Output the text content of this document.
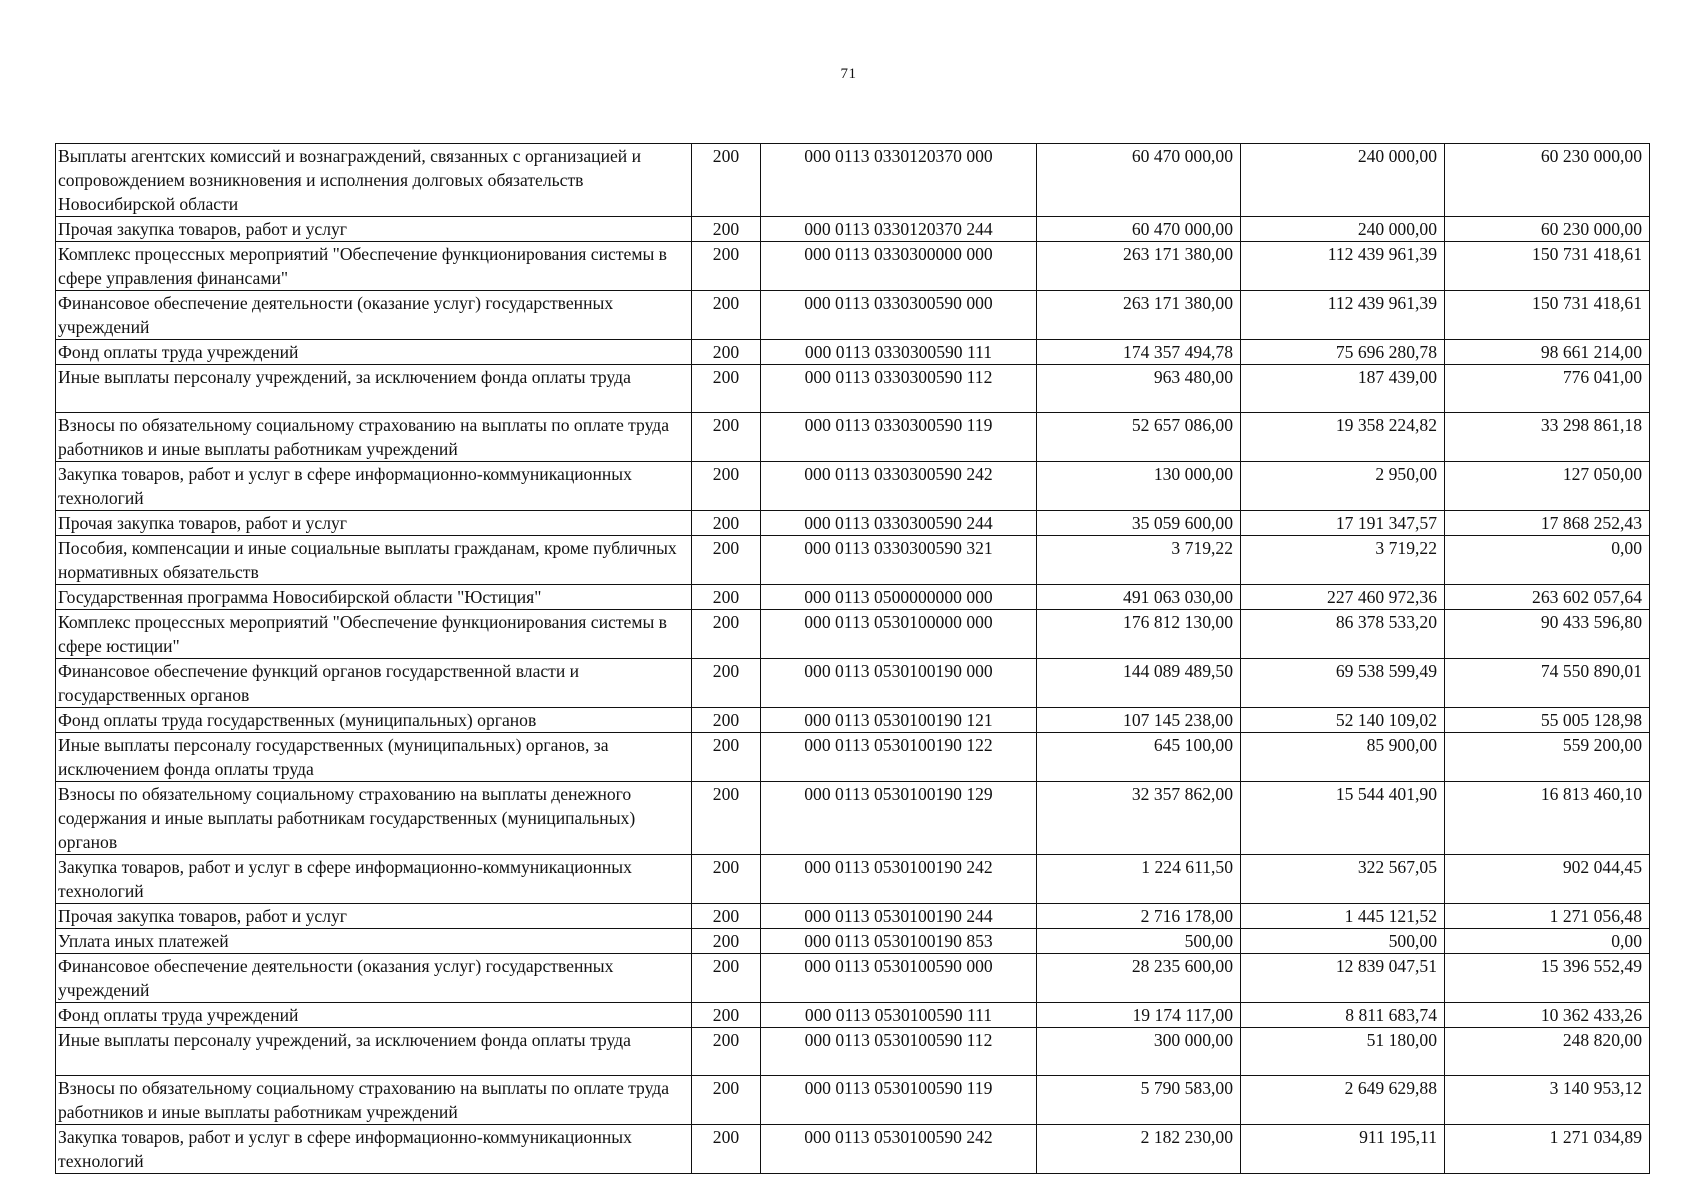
71
Выплаты агентских комиссий и вознаграждений, связанных с организацией и сопровождением возникновения и исполнения долговых обязательств Новосибирской области	200	000 0113 0330120370 000	60 470 000,00	240 000,00	60 230 000,00
Прочая закупка товаров, работ и услуг	200	000 0113 0330120370 244	60 470 000,00	240 000,00	60 230 000,00
Комплекс процессных мероприятий "Обеспечение функционирования системы в сфере управления финансами"	200	000 0113 0330300000 000	263 171 380,00	112 439 961,39	150 731 418,61
Финансовое обеспечение деятельности (оказание услуг) государственных учреждений	200	000 0113 0330300590 000	263 171 380,00	112 439 961,39	150 731 418,61
Фонд оплаты труда учреждений	200	000 0113 0330300590 111	174 357 494,78	75 696 280,78	98 661 214,00
Иные выплаты персоналу учреждений, за исключением фонда оплаты труда	200	000 0113 0330300590 112	963 480,00	187 439,00	776 041,00
Взносы по обязательному социальному страхованию на выплаты по оплате труда работников и иные выплаты работникам учреждений	200	000 0113 0330300590 119	52 657 086,00	19 358 224,82	33 298 861,18
Закупка товаров, работ и услуг в сфере информационно-коммуникационных технологий	200	000 0113 0330300590 242	130 000,00	2 950,00	127 050,00
Прочая закупка товаров, работ и услуг	200	000 0113 0330300590 244	35 059 600,00	17 191 347,57	17 868 252,43
Пособия, компенсации и иные социальные выплаты гражданам, кроме публичных нормативных обязательств	200	000 0113 0330300590 321	3 719,22	3 719,22	0,00
Государственная программа Новосибирской области "Юстиция"	200	000 0113 0500000000 000	491 063 030,00	227 460 972,36	263 602 057,64
Комплекс процессных мероприятий "Обеспечение функционирования системы в сфере юстиции"	200	000 0113 0530100000 000	176 812 130,00	86 378 533,20	90 433 596,80
Финансовое обеспечение функций органов государственной власти и государственных органов	200	000 0113 0530100190 000	144 089 489,50	69 538 599,49	74 550 890,01
Фонд оплаты труда государственных (муниципальных) органов	200	000 0113 0530100190 121	107 145 238,00	52 140 109,02	55 005 128,98
Иные выплаты персоналу государственных (муниципальных) органов, за исключением фонда оплаты труда	200	000 0113 0530100190 122	645 100,00	85 900,00	559 200,00
Взносы по обязательному социальному страхованию на выплаты денежного содержания и иные выплаты работникам государственных (муниципальных) органов	200	000 0113 0530100190 129	32 357 862,00	15 544 401,90	16 813 460,10
Закупка товаров, работ и услуг в сфере информационно-коммуникационных технологий	200	000 0113 0530100190 242	1 224 611,50	322 567,05	902 044,45
Прочая закупка товаров, работ и услуг	200	000 0113 0530100190 244	2 716 178,00	1 445 121,52	1 271 056,48
Уплата иных платежей	200	000 0113 0530100190 853	500,00	500,00	0,00
Финансовое обеспечение деятельности (оказания услуг) государственных учреждений	200	000 0113 0530100590 000	28 235 600,00	12 839 047,51	15 396 552,49
Фонд оплаты труда учреждений	200	000 0113 0530100590 111	19 174 117,00	8 811 683,74	10 362 433,26
Иные выплаты персоналу учреждений, за исключением фонда оплаты труда	200	000 0113 0530100590 112	300 000,00	51 180,00	248 820,00
Взносы по обязательному социальному страхованию на выплаты по оплате труда работников и иные выплаты работникам учреждений	200	000 0113 0530100590 119	5 790 583,00	2 649 629,88	3 140 953,12
Закупка товаров, работ и услуг в сфере информационно-коммуникационных технологий	200	000 0113 0530100590 242	2 182 230,00	911 195,11	1 271 034,89
